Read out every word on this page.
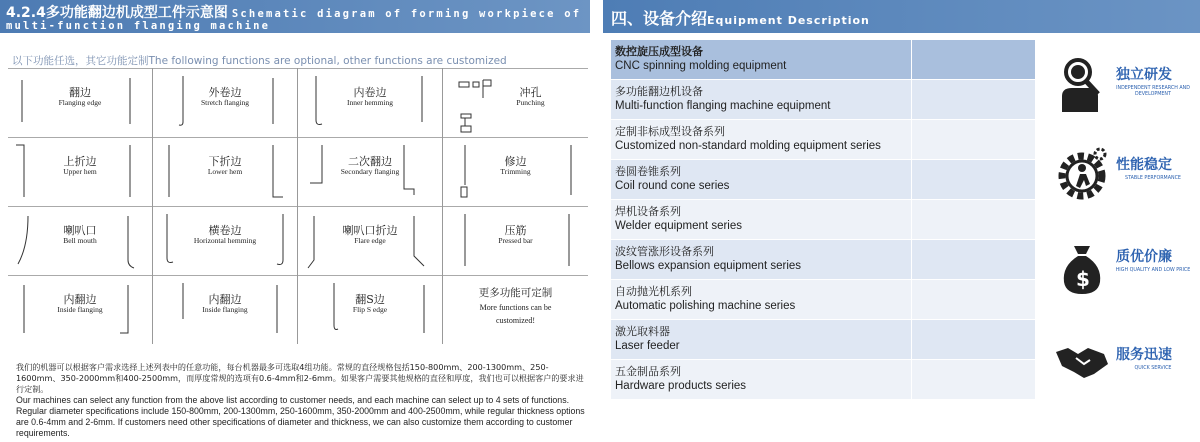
4.2.4多功能翻边机成型工件示意图 Schematic diagram of forming workpiece of
multi-function flanging machine
以下功能任选，其它功能定制The following functions are optional, other functions are customized
翻边
Flanging edge
外卷边
Stretch flanging
内卷边
Inner hemming
冲孔
Punching
上折边
Upper hem
下折边
Lower hem
二次翻边
Secondary flanging
修边
Trimming
喇叭口
Bell mouth
横卷边
Horizontal hemming
喇叭口折边
Flare edge
压筋
Pressed bar
内翻边
Inside flanging
内翻边
Inside flanging
翻S边
Flip S edge
更多功能可定制
More functions can be customized!
我们的机器可以根据客户需求选择上述列表中的任意功能，每台机器最多可选取4组功能。常规的直径规格包括150-800mm、200-1300mm、250-1600mm、350-2000mm和400-2500mm，而厚度常规的选项有0.6-4mm和2-6mm。如果客户需要其他规格的直径和厚度，我们也可以根据客户的要求进行定制。
Our machines can select any function from the above list according to customer needs, and each machine can select up to 4 sets of functions. Regular diameter specifications include 150-800mm, 200-1300mm, 250-1600mm, 350-2000mm and 400-2500mm, while regular thickness options are 0.6-4mm and 2-6mm. If customers need other specifications of diameter and thickness, we can also customize them according to customer requirements.
四、设备介绍Equipment Description
数控旋压成型设备
CNC spinning molding equipment
多功能翻边机设备
Multi-function flanging machine equipment
定制非标成型设备系列
Customized non-standard molding equipment series
卷圆卷锥系列
Coil round cone series
焊机设备系列
Welder equipment series
波纹管涨形设备系列
Bellows expansion equipment series
自动抛光机系列
Automatic polishing machine series
激光取料器
Laser feeder
五金制品系列
Hardware products series
独立研发
INDEPENDENT RESEARCH AND DEVELOPMENT
性能稳定
STABLE PERFORMANCE
$
质优价廉
HIGH QUALITY AND LOW PRICE
服务迅速
QUICK SERVICE
